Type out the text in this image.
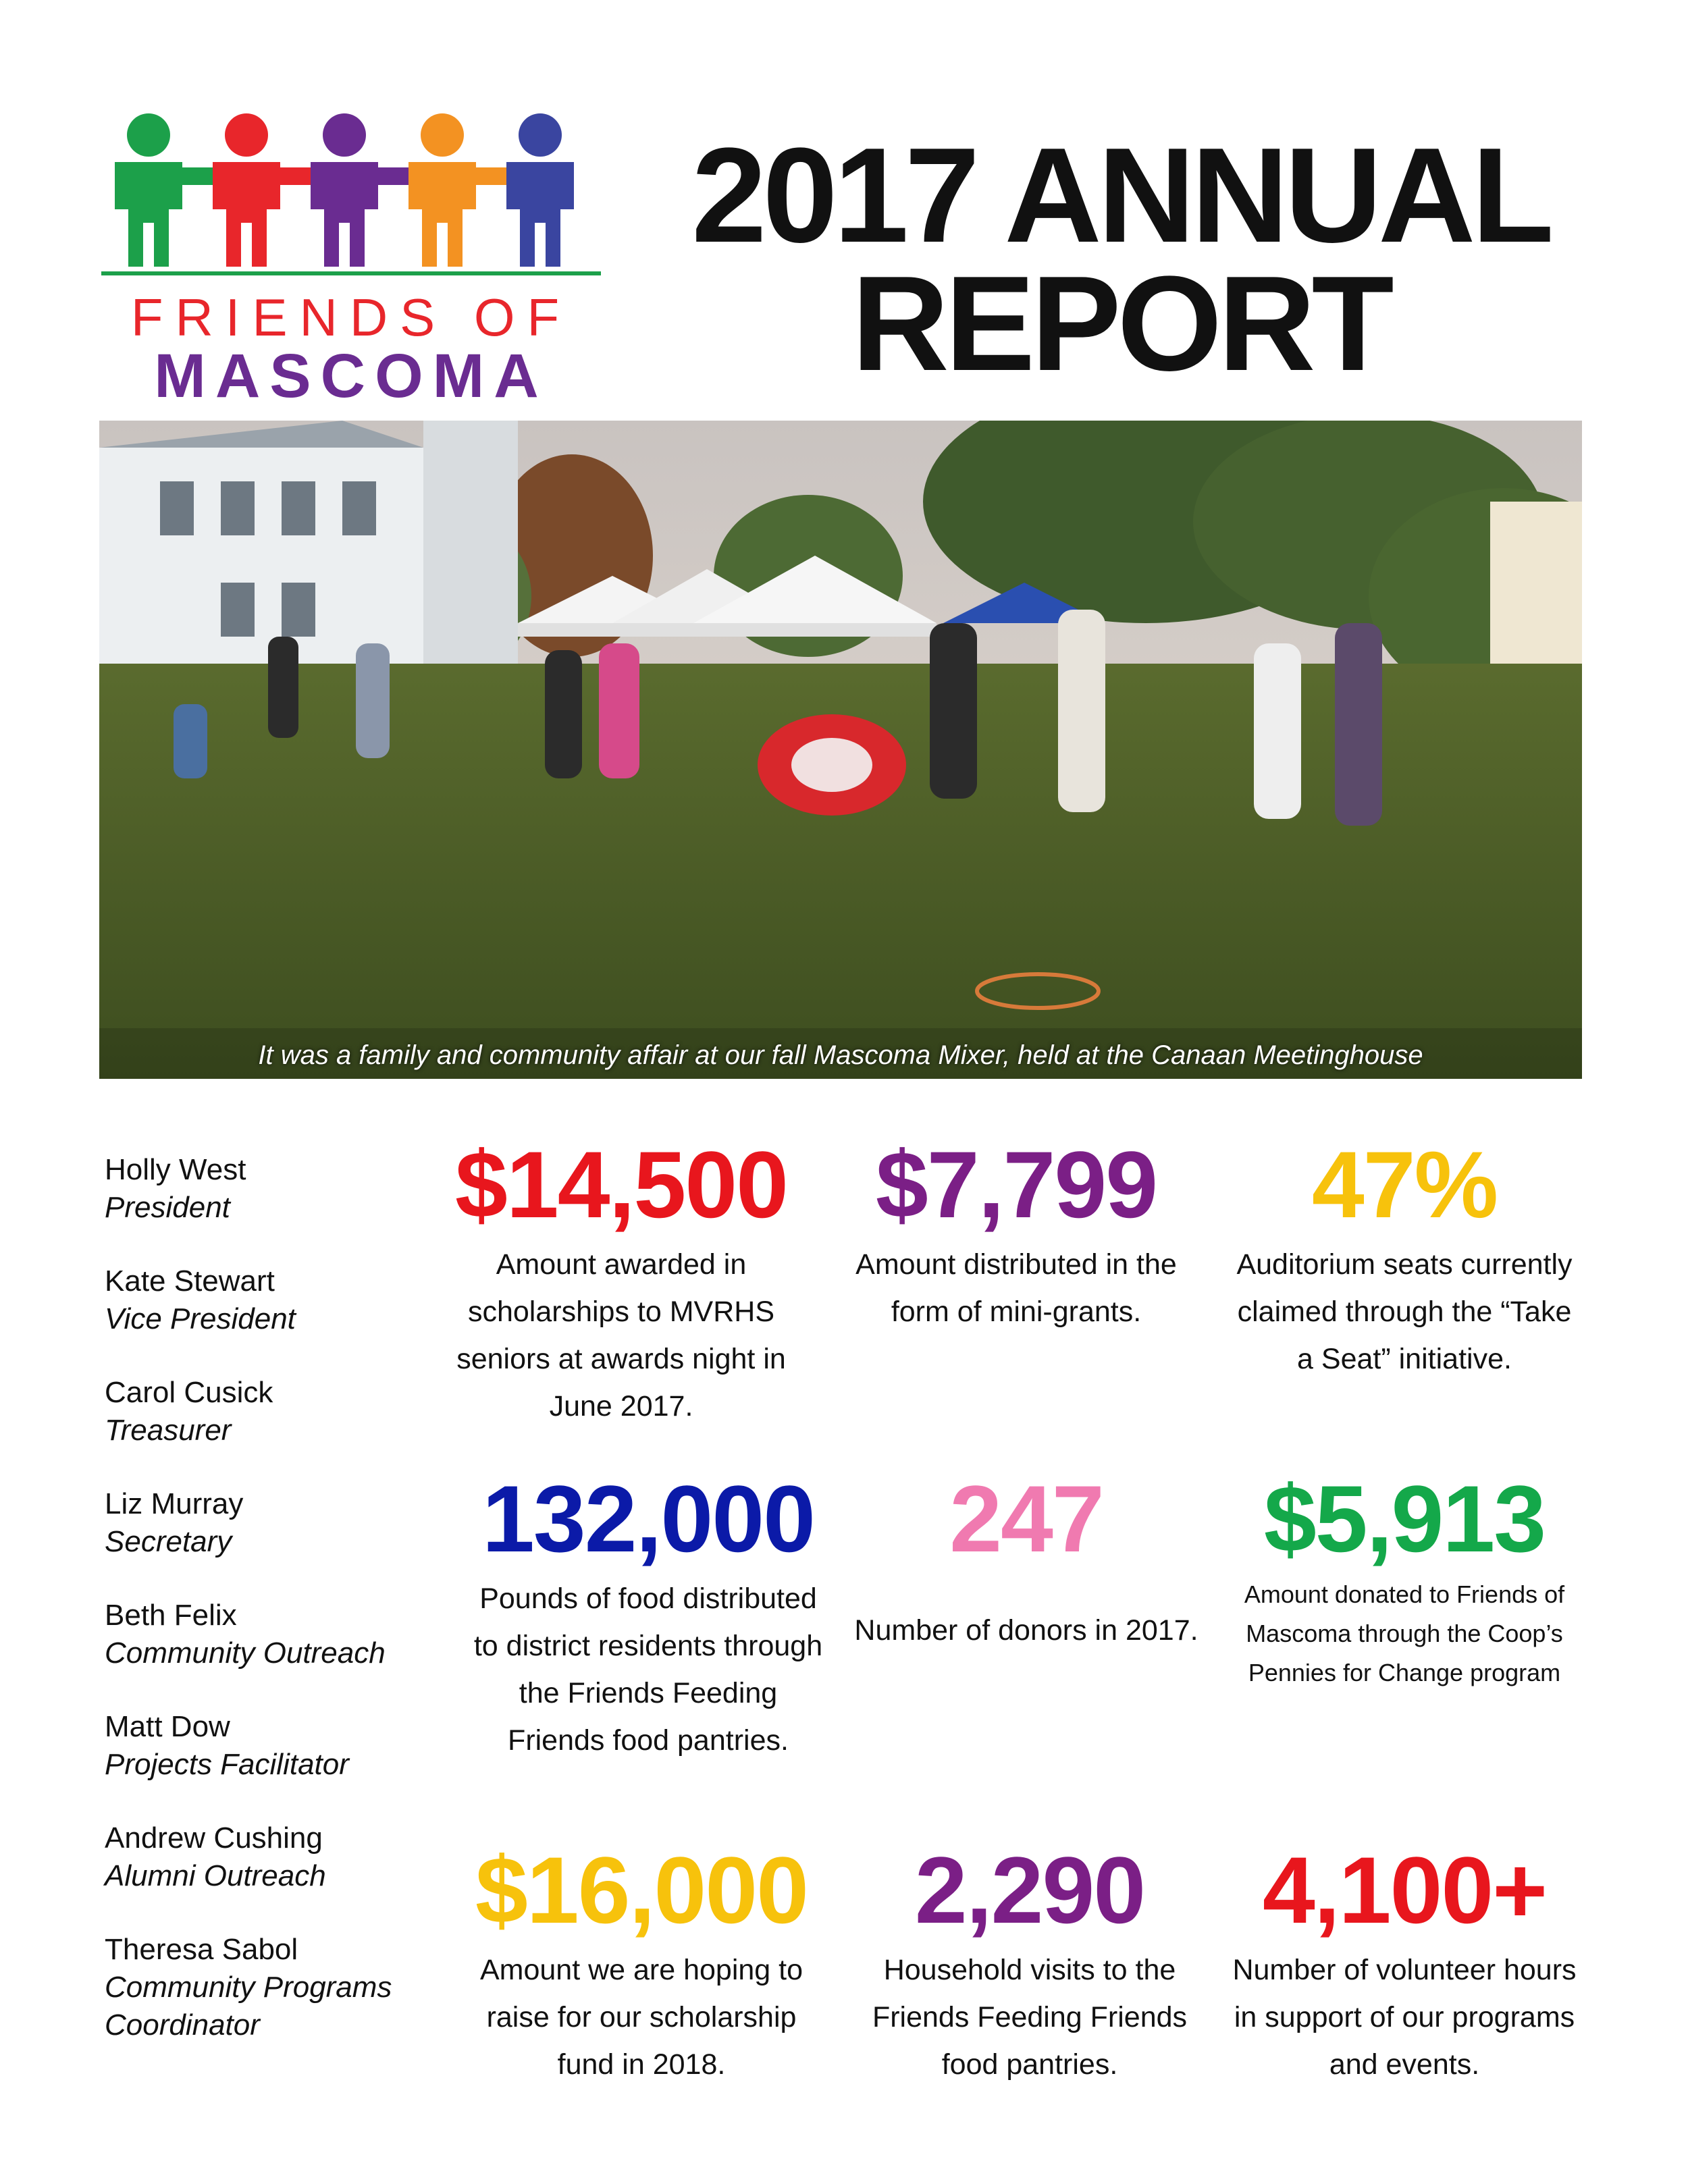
FRIENDS OF
MASCOMA
2017 ANNUAL
REPORT
It was a family and community affair at our fall Mascoma Mixer, held at the Canaan Meetinghouse
Holly West
President
Kate Stewart
Vice President
Carol Cusick
Treasurer
Liz Murray
Secretary
Beth Felix
Community Outreach
Matt Dow
Projects Facilitator
Andrew Cushing
Alumni Outreach
Theresa Sabol
Community Programs Coordinator
$14,500
Amount awarded in scholarships to MVRHS seniors at awards night in June 2017.
$7,799
Amount distributed in the form of mini-grants.
47%
Auditorium seats currently claimed through the “Take a Seat” initiative.
132,000
Pounds of food distributed to district residents through the Friends Feeding Friends food pantries.
247
Number of donors in 2017.
$5,913
Amount donated to Friends of Mascoma through the Coop’s Pennies for Change program
$16,000
Amount we are hoping to raise for our scholarship fund in 2018.
2,290
Household visits to the Friends Feeding Friends food pantries.
4,100+
Number of volunteer hours in support of our programs and events.
